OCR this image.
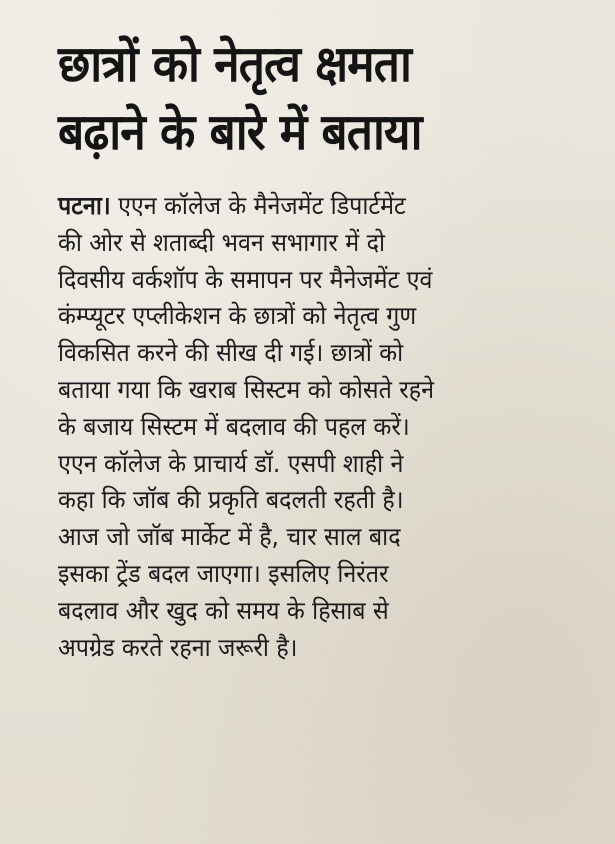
छात्रों को नेतृत्व क्षमता
बढ़ाने के बारे में बताया
पटना। एएन कॉलेज के मैनेजमेंट डिपार्टमेंट
की ओर से शताब्दी भवन सभागार में दो
दिवसीय वर्कशॉप के समापन पर मैनेजमेंट एवं
कंम्प्यूटर एप्लीकेशन के छात्रों को नेतृत्व गुण
विकसित करने की सीख दी गई। छात्रों को
बताया गया कि खराब सिस्टम को कोसते रहने
के बजाय सिस्टम में बदलाव की पहल करें।
एएन कॉलेज के प्राचार्य डॉ. एसपी शाही ने
कहा कि जॉब की प्रकृति बदलती रहती है।
आज जो जॉब मार्केट में है, चार साल बाद
इसका ट्रेंड बदल जाएगा। इसलिए निरंतर
बदलाव और खुद को समय के हिसाब से
अपग्रेड करते रहना जरूरी है।
